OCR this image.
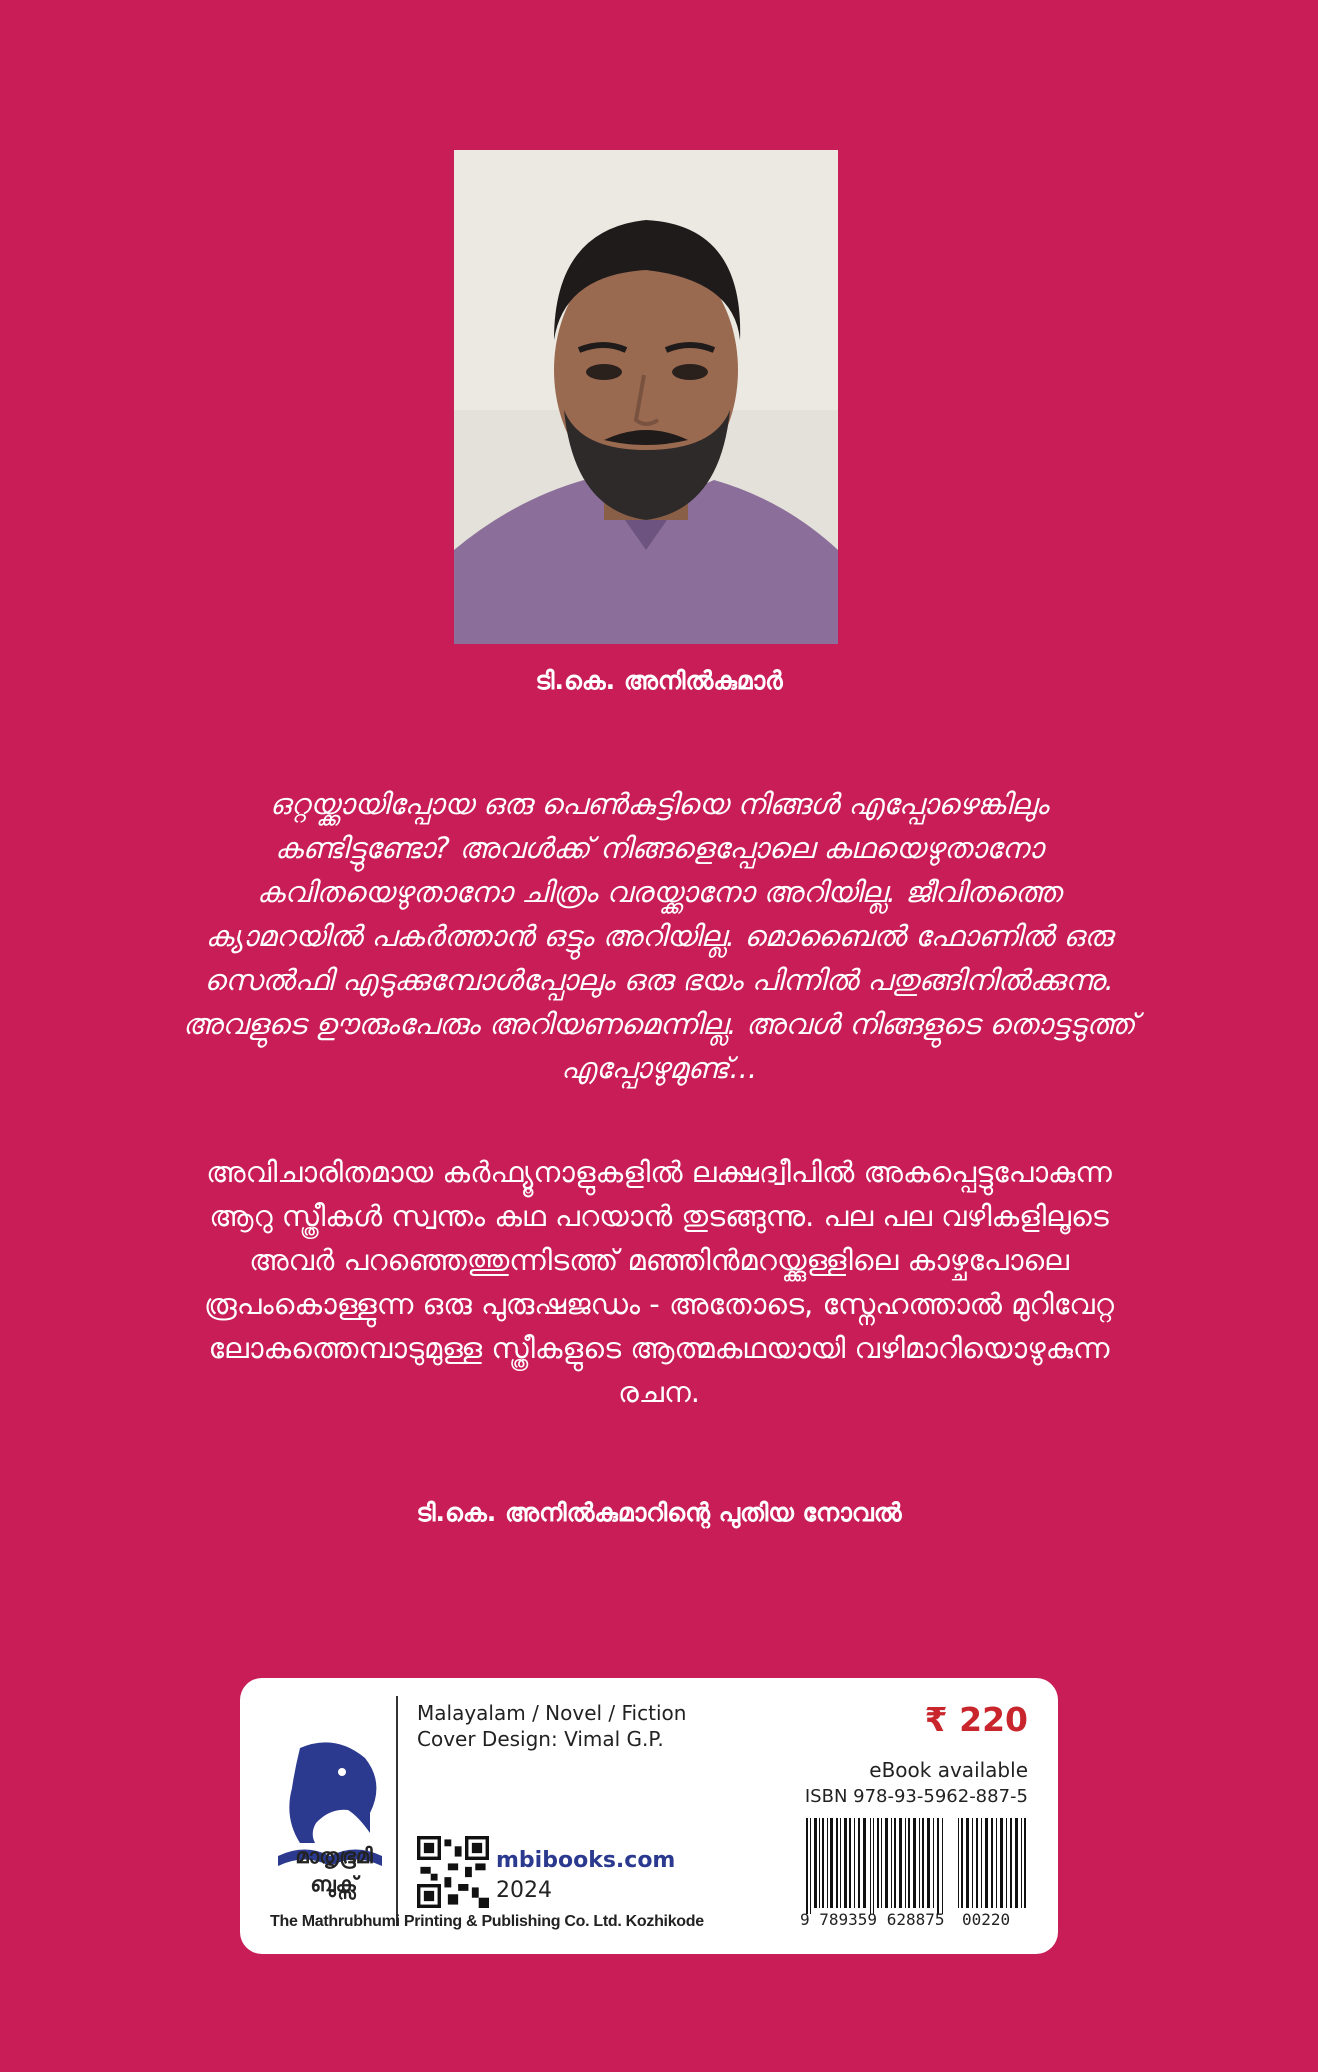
ടി.കെ. അനിൽകുമാർ

ഒറ്റയ്ക്കായിപ്പോയ ഒരു പെൺകുട്ടിയെ നിങ്ങൾ എപ്പോഴെങ്കിലും കണ്ടിട്ടുണ്ടോ? അവൾക്ക് നിങ്ങളെപ്പോലെ കഥയെഴുതാനോ കവിതയെഴുതാനോ ചിത്രം വരയ്ക്കാനോ അറിയില്ല. ജീവിതത്തെ ക്യാമറയിൽ പകർത്താൻ ഒട്ടും അറിയില്ല. മൊബൈൽ ഫോണിൽ ഒരു സെൽഫി എടുക്കുമ്പോൾപ്പോലും ഒരു ഭയം പിന്നിൽ പതുങ്ങിനിൽക്കുന്നു. അവളുടെ ഊരുംപേരും അറിയണമെന്നില്ല. അവൾ നിങ്ങളുടെ തൊട്ടടുത്ത് എപ്പോഴുമുണ്ട്...

അവിചാരിതമായ കർഫ്യൂനാളുകളിൽ ലക്ഷദ്വീപിൽ അകപ്പെട്ടുപോകുന്ന ആറു സ്ത്രീകൾ സ്വന്തം കഥ പറയാൻ തുടങ്ങുന്നു. പല പല വഴികളിലൂടെ അവർ പറഞ്ഞെത്തുന്നിടത്ത് മഞ്ഞിൻമറയ്ക്കുള്ളിലെ കാഴ്ചപോലെ രൂപംകൊള്ളുന്ന ഒരു പുരുഷജഡം - അതോടെ, സ്നേഹത്താൽ മുറിവേറ്റ ലോകത്തെമ്പാടുമുള്ള സ്ത്രീകളുടെ ആത്മകഥയായി വഴിമാറിയൊഴുകുന്ന രചന.

ടി.കെ. അനിൽകുമാറിന്റെ പുതിയ നോവൽ
മാതൃഭൂമി
ബുക്സ്
Malayalam / Novel / Fiction
Cover Design: Vimal G.P.	₹ 220
eBook available
ISBN 978-93-5962-887-5
mbibooks.com
2024
9 789359 628875 00220
The Mathrubhumi Printing & Publishing Co. Ltd. Kozhikode
